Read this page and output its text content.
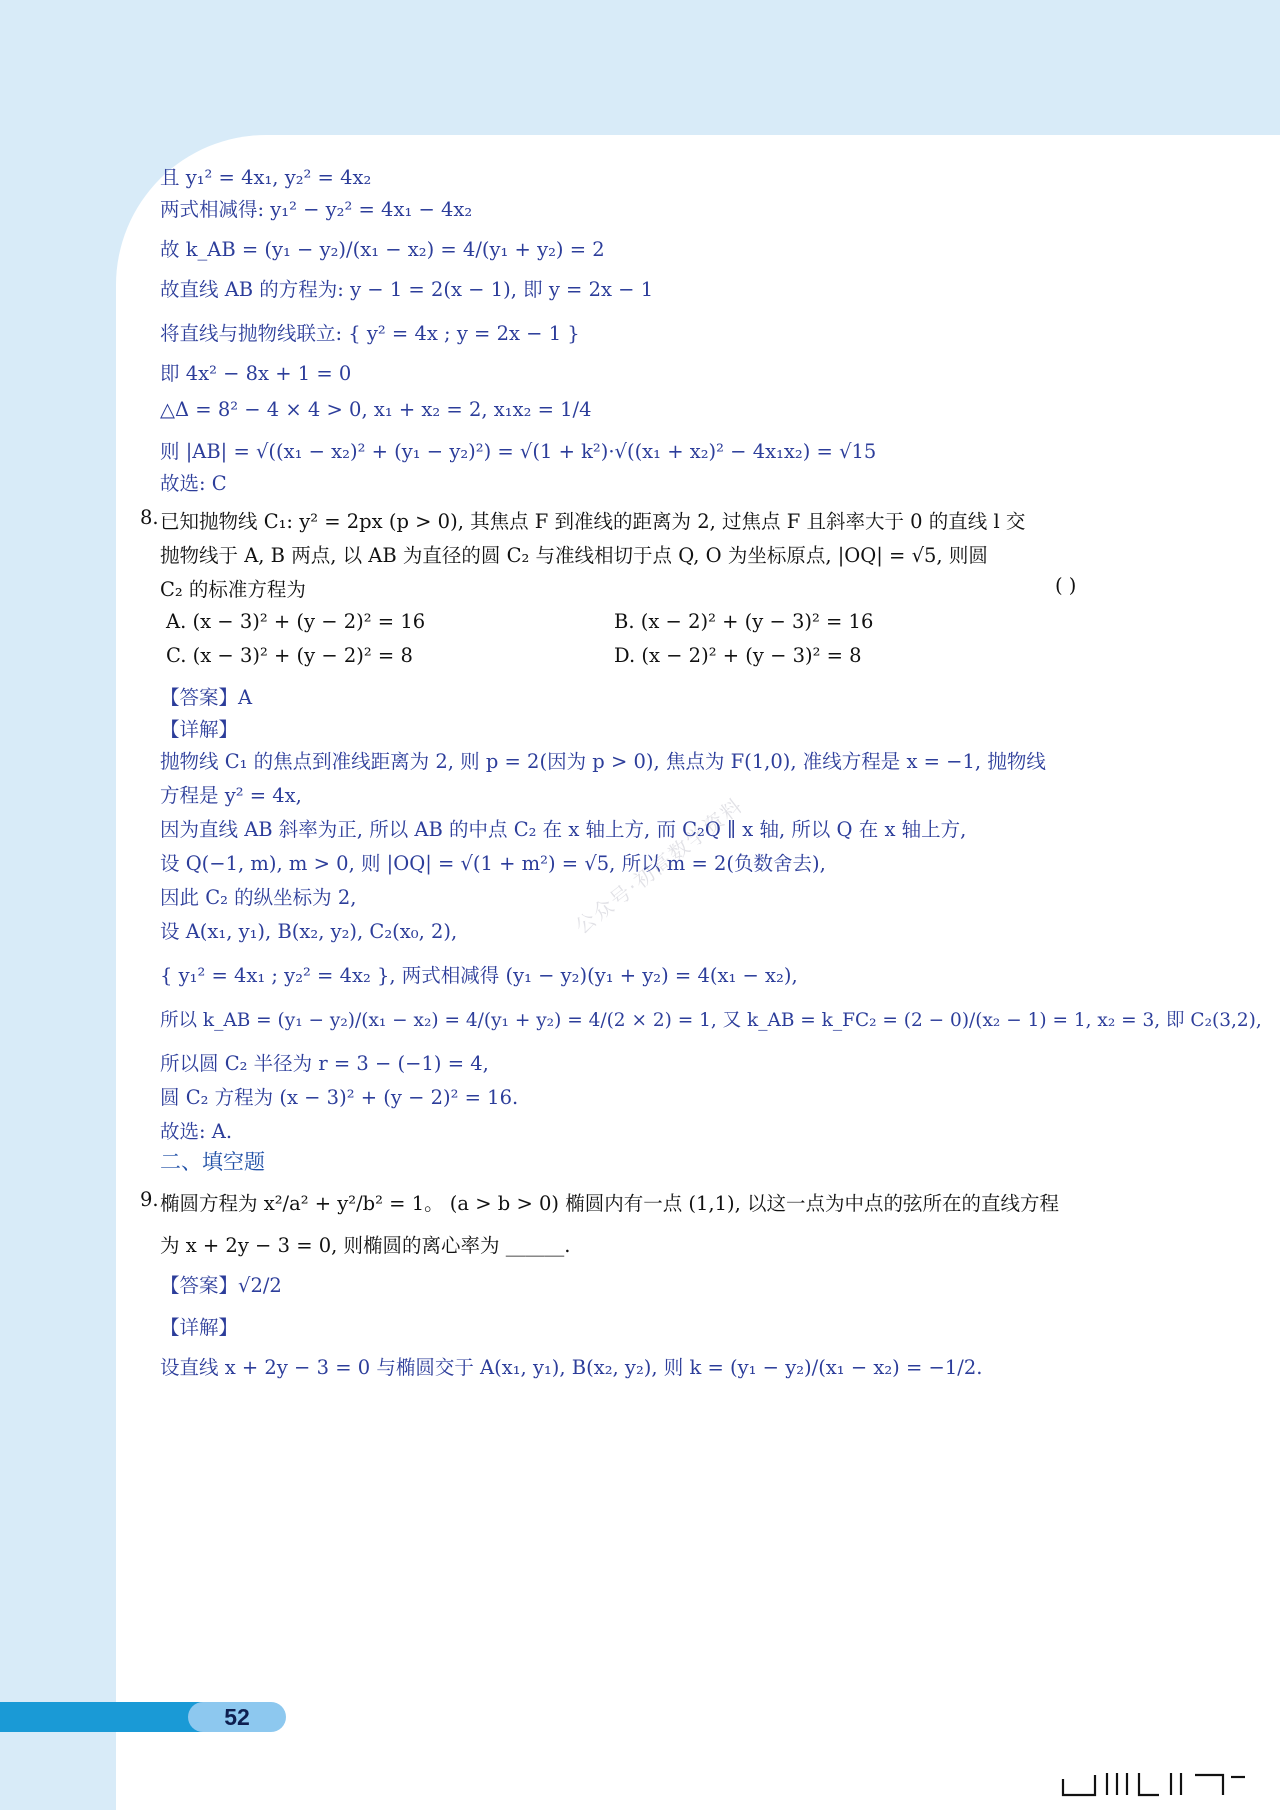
且 y₁² = 4x₁, y₂² = 4x₂
两式相减得: y₁² − y₂² = 4x₁ − 4x₂
故 k_AB = (y₁ − y₂)/(x₁ − x₂) = 4/(y₁ + y₂) = 2
故直线 AB 的方程为: y − 1 = 2(x − 1), 即 y = 2x − 1
将直线与抛物线联立: { y² = 4x ; y = 2x − 1 }
即 4x² − 8x + 1 = 0
△Δ = 8² − 4 × 4 > 0, x₁ + x₂ = 2, x₁x₂ = 1/4
则 |AB| = √((x₁ − x₂)² + (y₁ − y₂)²) = √(1 + k²)·√((x₁ + x₂)² − 4x₁x₂) = √15
故选: C
8. 已知抛物线 C₁: y² = 2px (p > 0), 其焦点 F 到准线的距离为 2, 过焦点 F 且斜率大于 0 的直线 l 交
抛物线于 A, B 两点, 以 AB 为直径的圆 C₂ 与准线相切于点 Q, O 为坐标原点, |OQ| = √5, 则圆
C₂ 的标准方程为	( )
A. (x − 3)² + (y − 2)² = 16	B. (x − 2)² + (y − 3)² = 16
C. (x − 3)² + (y − 2)² = 8	D. (x − 2)² + (y − 3)² = 8
【答案】A
【详解】
抛物线 C₁ 的焦点到准线距离为 2, 则 p = 2(因为 p > 0), 焦点为 F(1,0), 准线方程是 x = −1, 抛物线
方程是 y² = 4x,
因为直线 AB 斜率为正, 所以 AB 的中点 C₂ 在 x 轴上方, 而 C₂Q ∥ x 轴, 所以 Q 在 x 轴上方,
设 Q(−1, m), m > 0, 则 |OQ| = √(1 + m²) = √5, 所以 m = 2(负数舍去),
因此 C₂ 的纵坐标为 2,
设 A(x₁, y₁), B(x₂, y₂), C₂(x₀, 2),
{ y₁² = 4x₁ ; y₂² = 4x₂ }, 两式相减得 (y₁ − y₂)(y₁ + y₂) = 4(x₁ − x₂),
所以 k_AB = (y₁ − y₂)/(x₁ − x₂) = 4/(y₁ + y₂) = 4/(2 × 2) = 1, 又 k_AB = k_FC₂ = (2 − 0)/(x₂ − 1) = 1, x₂ = 3, 即 C₂(3,2),
所以圆 C₂ 半径为 r = 3 − (−1) = 4,
圆 C₂ 方程为 (x − 3)² + (y − 2)² = 16.
故选: A.
二、填空题
9. 椭圆方程为 x²/a² + y²/b² = 1。 (a > b > 0) 椭圆内有一点 (1,1), 以这一点为中点的弦所在的直线方程
为 x + 2y − 3 = 0, 则椭圆的离心率为 ______.
【答案】√2/2
【详解】
设直线 x + 2y − 3 = 0 与椭圆交于 A(x₁, y₁), B(x₂, y₂), 则 k = (y₁ − y₂)/(x₁ − x₂) = −1/2.
公众号·初高数学资料
52
